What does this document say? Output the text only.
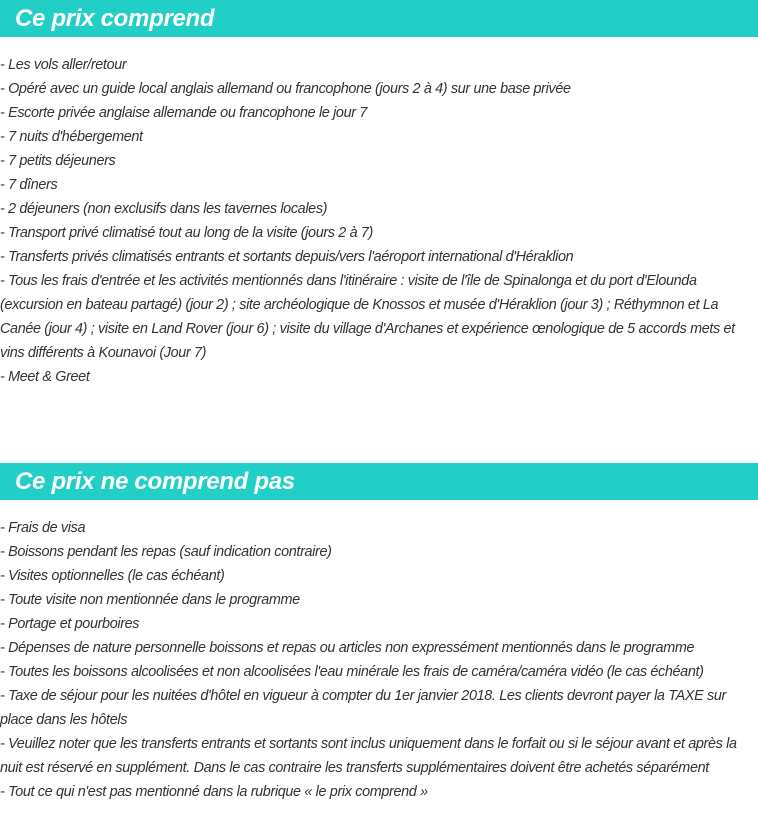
Ce prix comprend
- Les vols aller/retour
- Opéré avec un guide local anglais allemand ou francophone (jours 2 à 4) sur une base privée
- Escorte privée anglaise allemande ou francophone le jour 7
- 7 nuits d'hébergement
- 7 petits déjeuners
- 7 dîners
- 2 déjeuners (non exclusifs dans les tavernes locales)
- Transport privé climatisé tout au long de la visite (jours 2 à 7)
- Transferts privés climatisés entrants et sortants depuis/vers l'aéroport international d'Héraklion
- Tous les frais d'entrée et les activités mentionnés dans l'itinéraire : visite de l'île de Spinalonga et du port d'Elounda (excursion en bateau partagé) (jour 2) ; site archéologique de Knossos et musée d'Héraklion (jour 3) ; Réthymnon et La Canée (jour 4) ; visite en Land Rover (jour 6) ; visite du village d'Archanes et expérience œnologique de 5 accords mets et vins différents à Kounavoi (Jour 7)
- Meet & Greet
Ce prix ne comprend pas
- Frais de visa
- Boissons pendant les repas (sauf indication contraire)
- Visites optionnelles (le cas échéant)
- Toute visite non mentionnée dans le programme
- Portage et pourboires
- Dépenses de nature personnelle boissons et repas ou articles non expressément mentionnés dans le programme
- Toutes les boissons alcoolisées et non alcoolisées l'eau minérale les frais de caméra/caméra vidéo (le cas échéant)
- Taxe de séjour pour les nuitées d'hôtel en vigueur à compter du 1er janvier 2018. Les clients devront payer la TAXE sur place dans les hôtels
- Veuillez noter que les transferts entrants et sortants sont inclus uniquement dans le forfait ou si le séjour avant et après la nuit est réservé en supplément. Dans le cas contraire les transferts supplémentaires doivent être achetés séparément
- Tout ce qui n'est pas mentionné dans la rubrique « le prix comprend »
